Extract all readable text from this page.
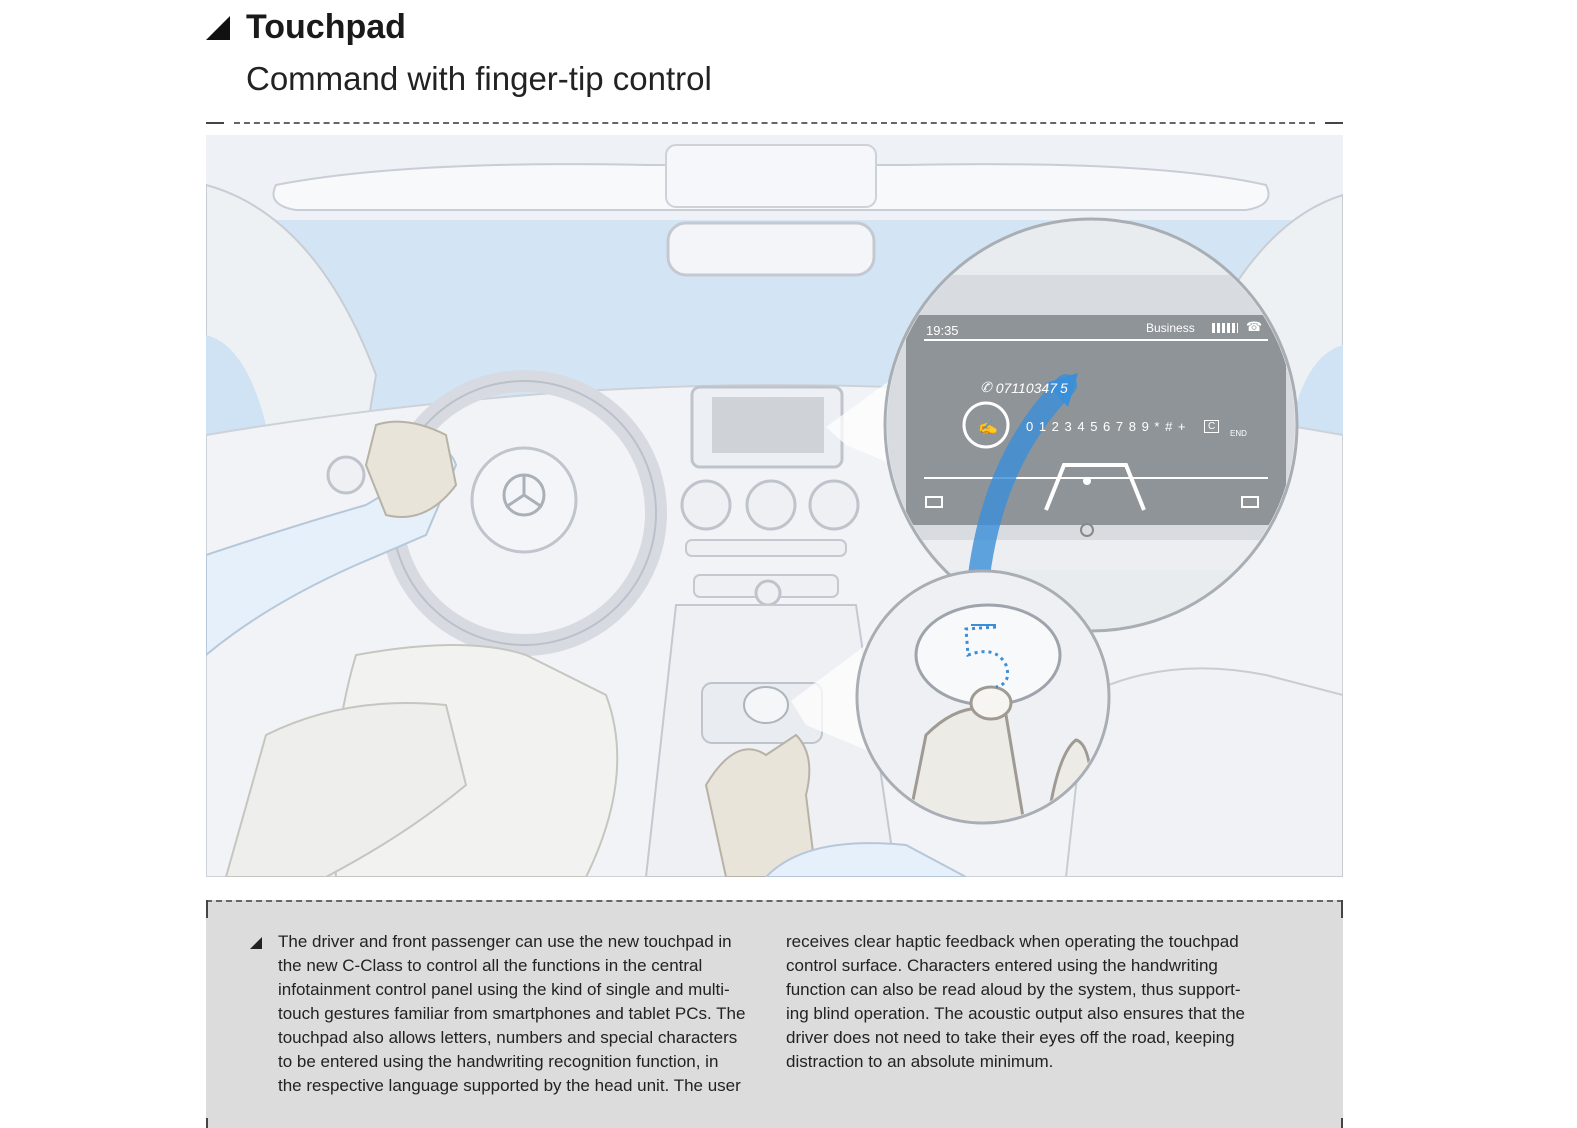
Touchpad
Command with finger-tip control
19:35	Business	☎
✆ 07110347 5
0 1 2 3 4 5 6 7 8 9 * # +
✍	C
END
The driver and front passenger can use the new touchpad in
the new C-Class to control all the functions in the central
infotainment control panel using the kind of single and multi-
touch gestures familiar from smartphones and tablet PCs. The
touchpad also allows letters, numbers and special characters
to be entered using the handwriting recognition function, in
the respective language supported by the head unit. The user
receives clear haptic feedback when operating the touchpad
control surface. Characters entered using the handwriting
function can also be read aloud by the system, thus support-
ing blind operation. The acoustic output also ensures that the
driver does not need to take their eyes off the road, keeping
distraction to an absolute minimum.
